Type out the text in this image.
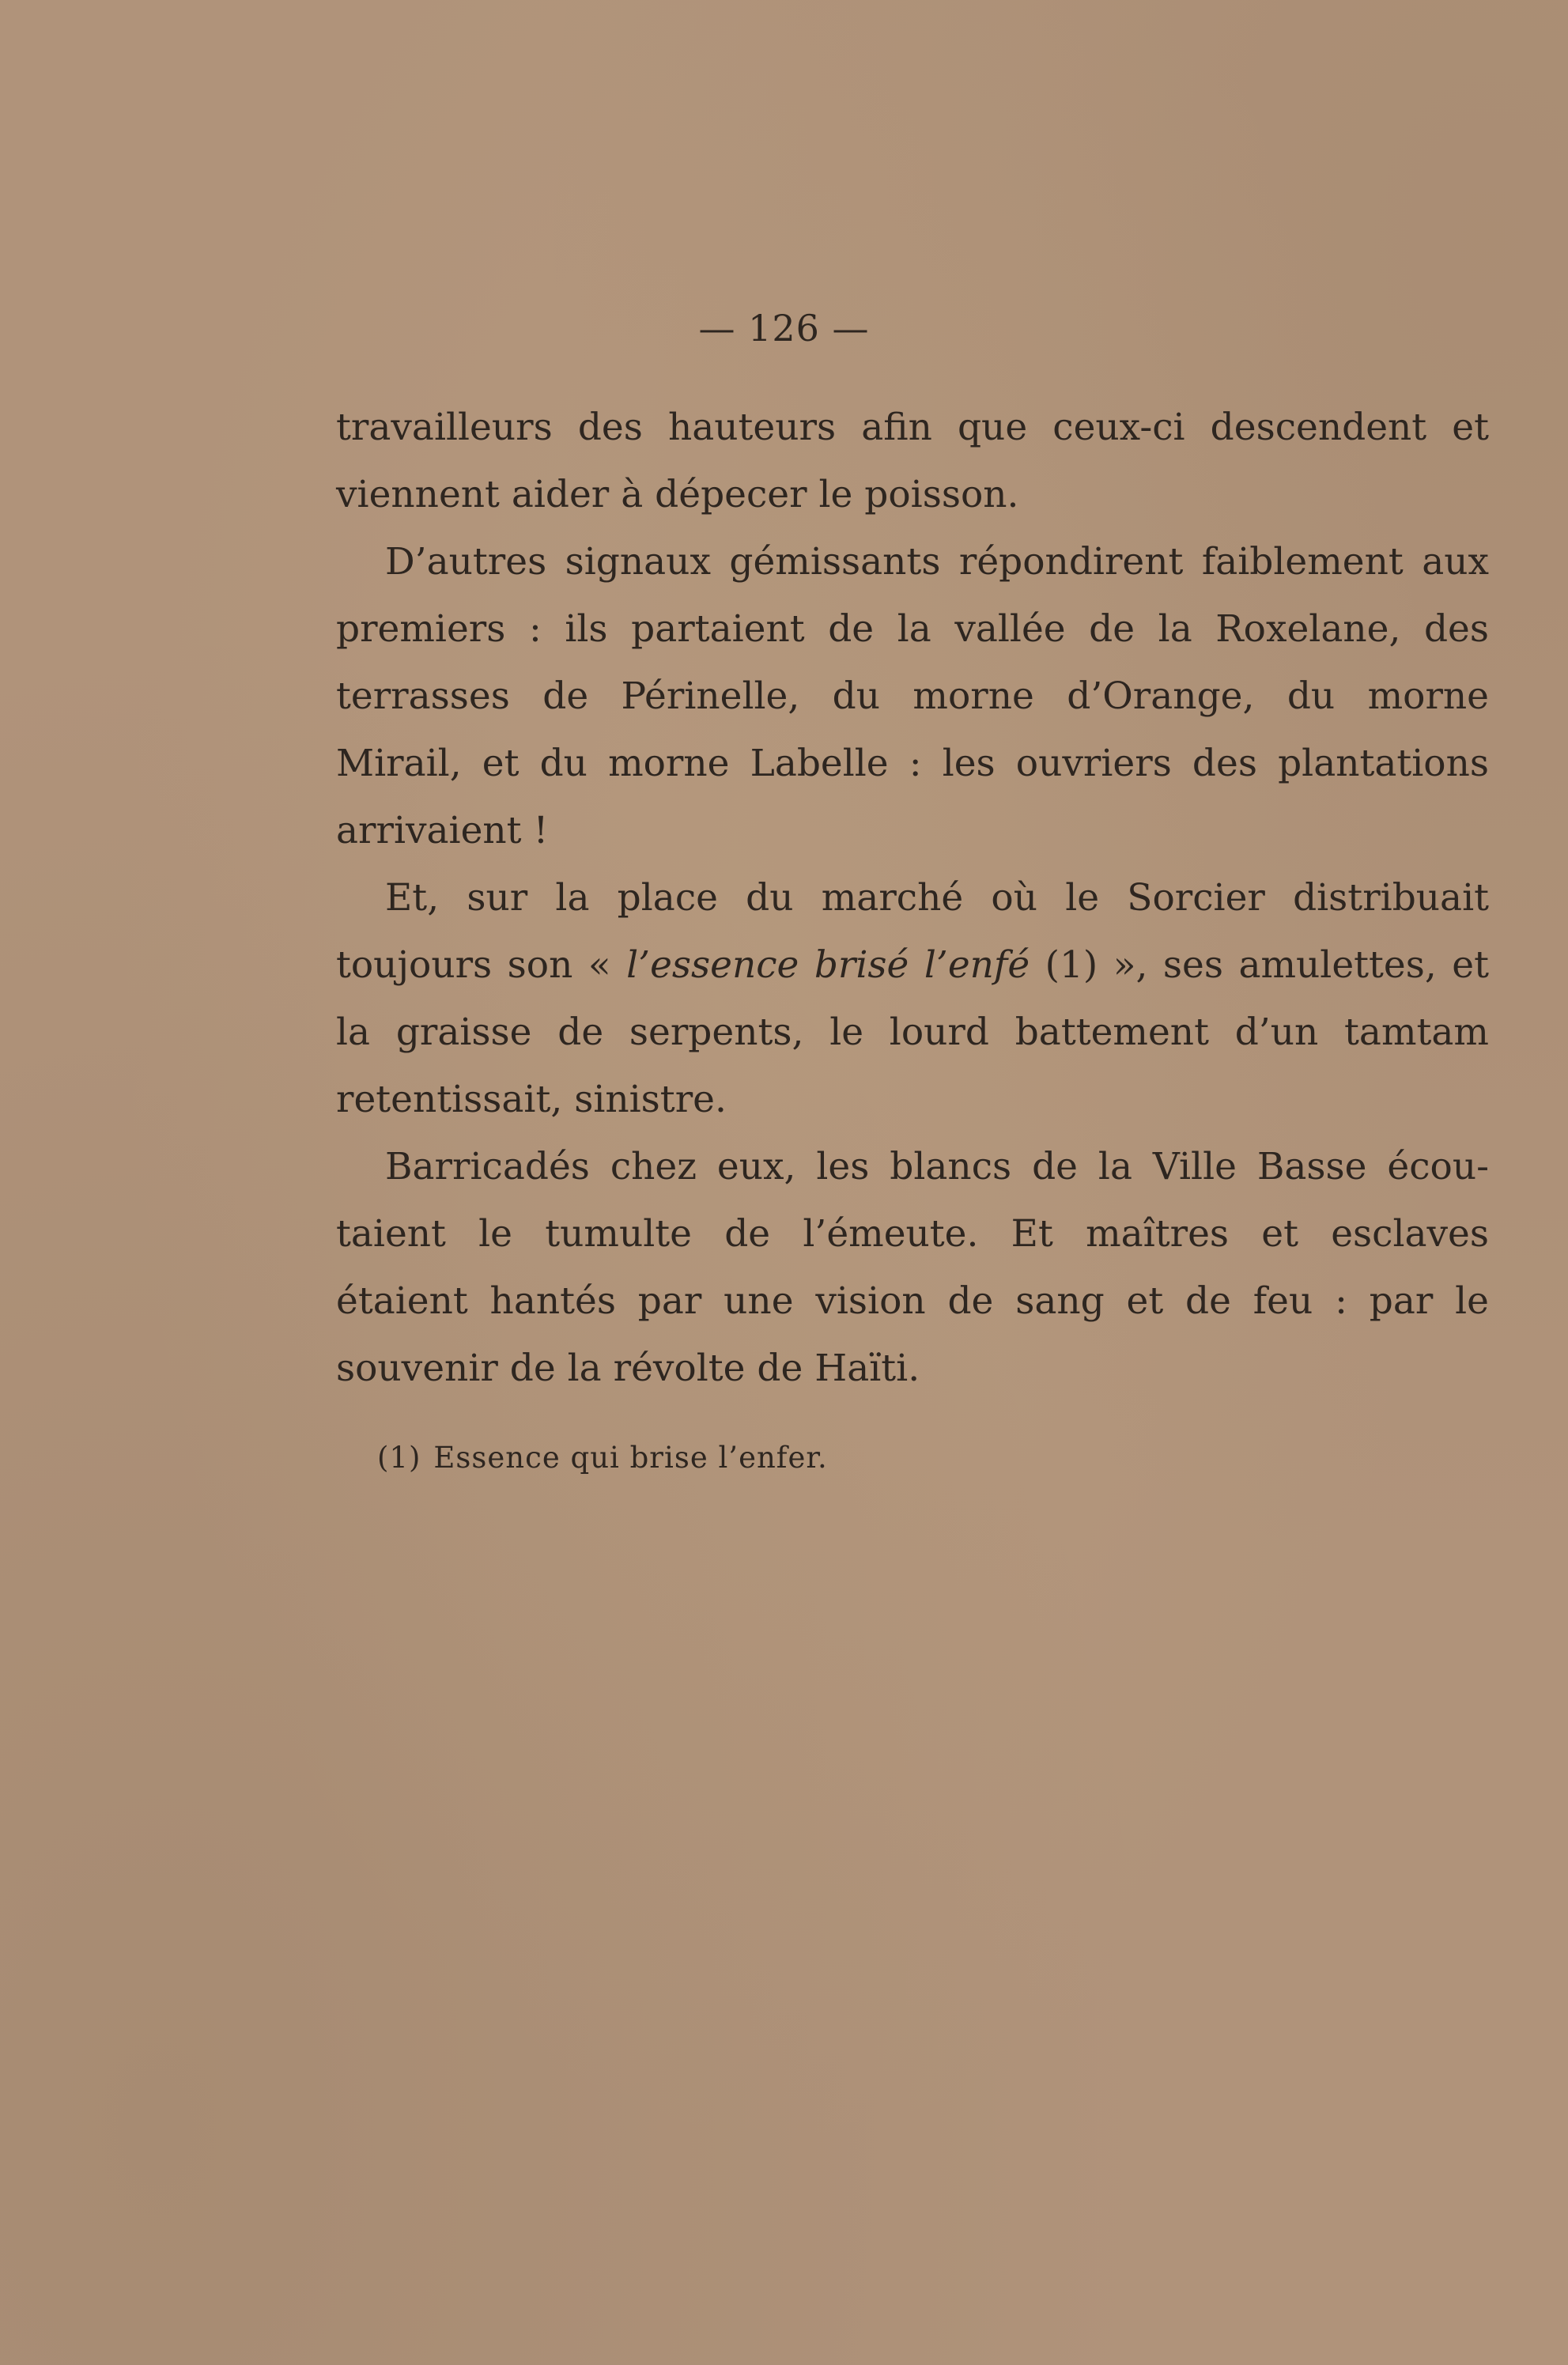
— 126 —
travailleurs des hauteurs afin que ceux-ci descendent et
viennent aider à dépecer le poisson.
D’autres signaux gémissants répondirent faiblement aux
premiers : ils partaient de la vallée de la Roxelane, des
terrasses de Périnelle, du morne d’Orange, du morne
Mirail, et du morne Labelle : les ouvriers des plantations
arrivaient !
Et, sur la place du marché où le Sorcier distribuait
toujours son « l’essence brisé l’enfé (1) », ses amulettes, et
la graisse de serpents, le lourd battement d’un tamtam
retentissait, sinistre.
Barricadés chez eux, les blancs de la Ville Basse écou-
taient le tumulte de l’émeute. Et maîtres et esclaves
étaient hantés par une vision de sang et de feu : par le
souvenir de la révolte de Haïti.
(1) Essence qui brise l’enfer.
